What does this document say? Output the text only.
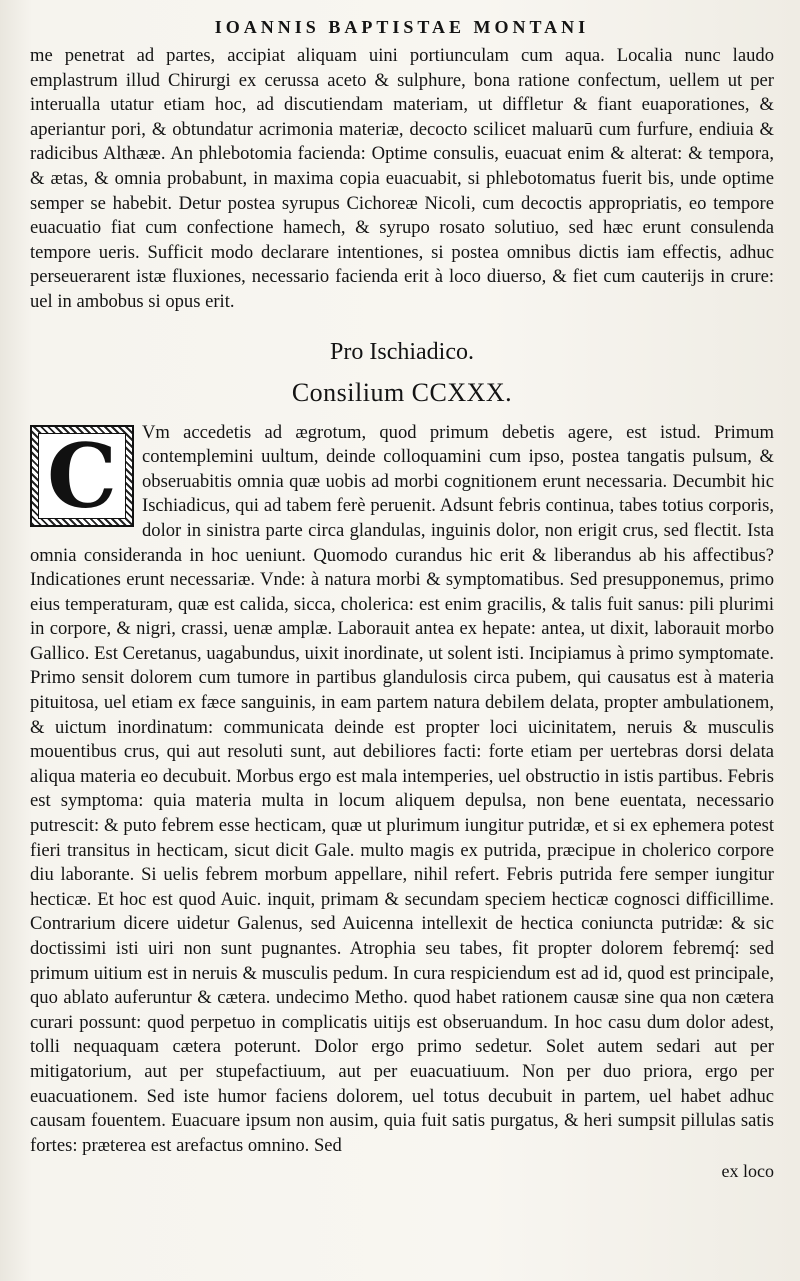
IOANNIS BAPTISTAE MONTANI

me penetrat ad partes, accipiat aliquam uini portiunculam cum aqua. Localia nunc laudo emplastrum illud Chirurgi ex cerussa aceto & sulphure, bona ratione confectum, uellem ut per interualla utatur etiam hoc, ad discutiendam materiam, ut diffletur & fiant euaporationes, & aperiantur pori, & obtundatur acrimonia materiæ, decocto scilicet maluarū cum furfure, endiuia & radicibus Althææ. An phlebotomia facienda: Optime consulis, euacuat enim & alterat: & tempora, & ætas, & omnia probabunt, in maxima copia euacuabit, si phlebotomatus fuerit bis, unde optime semper se habebit. Detur postea syrupus Cichoreæ Nicoli, cum decoctis appropriatis, eo tempore euacuatio fiat cum confectione hamech, & syrupo rosato solutiuo, sed hæc erunt consulenda tempore ueris. Sufficit modo declarare intentiones, si postea omnibus dictis iam effectis, adhuc perseuerarent istæ fluxiones, necessario facienda erit à loco diuerso, & fiet cum cauterijs in crure: uel in ambobus si opus erit.

Pro Ischiadico.
Consilium CCXXX.
C	Vm accedetis ad ægrotum, quod primum debetis agere, est istud. Primum contemplemini uultum, deinde colloquamini cum ipso, postea tangatis pulsum, & obseruabitis omnia quæ uobis ad morbi cognitionem erunt necessaria. Decumbit hic Ischiadicus, qui ad tabem ferè peruenit. Adsunt febris continua, tabes totius corporis, dolor in sinistra parte circa glandulas, inguinis dolor, non erigit crus, sed flectit. Ista omnia consideranda in hoc ueniunt. Quomodo curandus hic erit & liberandus ab his affectibus? Indicationes erunt necessariæ. Vnde: à natura morbi & symptomatibus. Sed presupponemus, primo eius temperaturam, quæ est calida, sicca, cholerica: est enim gracilis, & talis fuit sanus: pili plurimi in corpore, & nigri, crassi, uenæ amplæ. Laborauit antea ex hepate: antea, ut dixit, laborauit morbo Gallico. Est Ceretanus, uagabundus, uixit inordinate, ut solent isti. Incipiamus à primo symptomate. Primo sensit dolorem cum tumore in partibus glandulosis circa pubem, qui causatus est à materia pituitosa, uel etiam ex fæce sanguinis, in eam partem natura debilem delata, propter ambulationem, & uictum inordinatum: communicata deinde est propter loci uicinitatem, neruis & musculis mouentibus crus, qui aut resoluti sunt, aut debiliores facti: forte etiam per uertebras dorsi delata aliqua materia eo decubuit. Morbus ergo est mala intemperies, uel obstructio in istis partibus. Febris est symptoma: quia materia multa in locum aliquem depulsa, non bene euentata, necessario putrescit: & puto febrem esse hecticam, quæ ut plurimum iungitur putridæ, et si ex ephemera potest fieri transitus in hecticam, sicut dicit Gale. multo magis ex putrida, præcipue in cholerico corpore diu laborante. Si uelis febrem morbum appellare, nihil refert. Febris putrida fere semper iungitur hecticæ. Et hoc est quod Auic. inquit, primam & secundam speciem hecticæ cognosci difficillime. Contrarium dicere uidetur Galenus, sed Auicenna intellexit de hectica coniuncta putridæ: & sic doctissimi isti uiri non sunt pugnantes. Atrophia seu tabes, fit propter dolorem febremq́: sed primum uitium est in neruis & musculis pedum. In cura respiciendum est ad id, quod est principale, quo ablato auferuntur & cætera. undecimo Metho. quod habet rationem causæ sine qua non cætera curari possunt: quod perpetuo in complicatis uitijs est obseruandum. In hoc casu dum dolor adest, tolli nequaquam cætera poterunt. Dolor ergo primo sedetur. Solet autem sedari aut per mitigatorium, aut per stupefactiuum, aut per euacuatiuum. Non per duo priora, ergo per euacuationem. Sed iste humor faciens dolorem, uel totus decubuit in partem, uel habet adhuc causam fouentem. Euacuare ipsum non ausim, quia fuit satis purgatus, & heri sumpsit pillulas satis fortes: præterea est arefactus omnino. Sed

ex loco
